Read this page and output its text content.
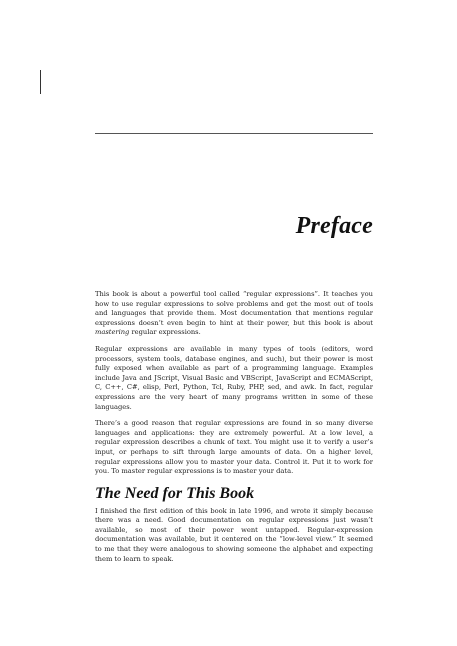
Preface

This book is about a powerful tool called “regular expressions”. It teaches you how to use regular expressions to solve problems and get the most out of tools and languages that provide them. Most documentation that mentions regular expressions doesn’t even begin to hint at their power, but this book is about mastering regular expressions.

Regular expressions are available in many types of tools (editors, word processors, system tools, database engines, and such), but their power is most fully exposed when available as part of a programming language. Examples include Java and JScript, Visual Basic and VBScript, JavaScript and ECMAScript, C, C++, C#, elisp, Perl, Python, Tcl, Ruby, PHP, sed, and awk. In fact, regular expressions are the very heart of many programs written in some of these languages.

There’s a good reason that regular expressions are found in so many diverse languages and applications: they are extremely powerful. At a low level, a regular expression describes a chunk of text. You might use it to verify a user’s input, or perhaps to sift through large amounts of data. On a higher level, regular expressions allow you to master your data. Control it. Put it to work for you. To master regular expressions is to master your data.

The Need for This Book

I finished the first edition of this book in late 1996, and wrote it simply because there was a need. Good documentation on regular expressions just wasn’t available, so most of their power went untapped. Regular-expression documentation was available, but it centered on the “low-level view.” It seemed to me that they were analogous to showing someone the alphabet and expecting them to learn to speak.
